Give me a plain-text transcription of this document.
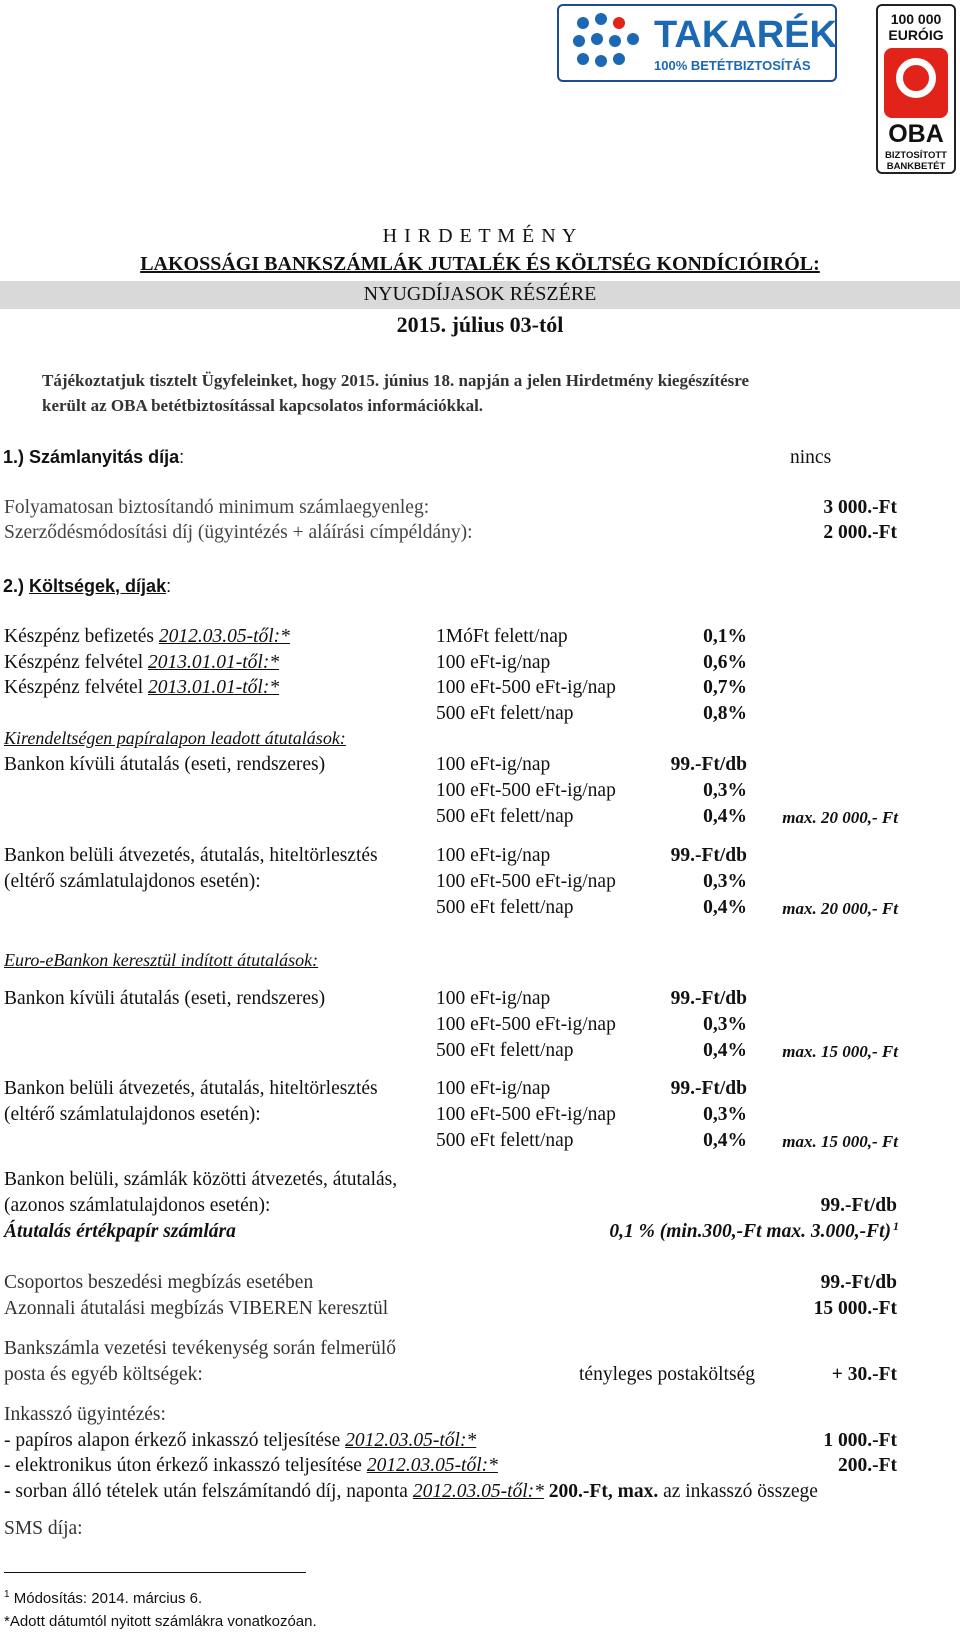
TAKARÉK
100% BETÉTBIZTOSÍTÁS
100 000
EURÓIG
OBA
BIZTOSÍTOTT
BANKBETÉT
H I R D E T M É N Y
LAKOSSÁGI BANKSZÁMLÁK JUTALÉK ÉS KÖLTSÉG KONDÍCIÓIRÓL:
NYUGDÍJASOK RÉSZÉRE
2015. július 03-tól
Tájékoztatjuk tisztelt Ügyfeleinket, hogy 2015. június 18. napján a jelen Hirdetmény kiegészítésre
került az OBA betétbiztosítással kapcsolatos információkkal.
1.) Számlanyitás díja:	nincs
Folyamatosan biztosítandó minimum számlaegyenleg:	3 000.-Ft
Szerződésmódosítási díj (ügyintézés + aláírási címpéldány):	2 000.-Ft
2.) Költségek, díjak:
Készpénz befizetés 2012.03.05-től:*	1MóFt felett/nap	0,1%
Készpénz felvétel 2013.01.01-től:*	100 eFt-ig/nap	0,6%
Készpénz felvétel 2013.01.01-től:*	100 eFt-500 eFt-ig/nap	0,7%
500 eFt felett/nap	0,8%
Kirendeltségen papíralapon leadott átutalások:
Bankon kívüli átutalás (eseti, rendszeres)	100 eFt-ig/nap	99.-Ft/db
100 eFt-500 eFt-ig/nap	0,3%
500 eFt felett/nap	0,4%	max. 20 000,- Ft
Bankon belüli átvezetés, átutalás, hiteltörlesztés
(eltérő számlatulajdonos esetén):
100 eFt-ig/nap	99.-Ft/db
100 eFt-500 eFt-ig/nap	0,3%
500 eFt felett/nap	0,4%	max. 20 000,- Ft
Euro-eBankon keresztül indított átutalások:
Bankon kívüli átutalás (eseti, rendszeres)	100 eFt-ig/nap	99.-Ft/db
100 eFt-500 eFt-ig/nap	0,3%
500 eFt felett/nap	0,4%	max. 15 000,- Ft
Bankon belüli átvezetés, átutalás, hiteltörlesztés
(eltérő számlatulajdonos esetén):
100 eFt-ig/nap	99.-Ft/db
100 eFt-500 eFt-ig/nap	0,3%
500 eFt felett/nap	0,4%	max. 15 000,- Ft
Bankon belüli, számlák közötti átvezetés, átutalás,
(azonos számlatulajdonos esetén):	99.-Ft/db
Átutalás értékpapír számlára	0,1 % (min.300,-Ft max. 3.000,-Ft) 1
Csoportos beszedési megbízás esetében	99.-Ft/db
Azonnali átutalási megbízás VIBEREN keresztül	15 000.-Ft
Bankszámla vezetési tevékenység során felmerülő
posta és egyéb költségek:	tényleges postaköltség	+ 30.-Ft
Inkasszó ügyintézés:
- papíros alapon érkező inkasszó teljesítése 2012.03.05-től:*	1 000.-Ft
- elektronikus úton érkező inkasszó teljesítése 2012.03.05-től:*	200.-Ft
- sorban álló tételek után felszámítandó díj, naponta 2012.03.05-től:* 200.-Ft, max. az inkasszó összege
SMS díja:
$^1$ Módosítás: 2014. március 6.
*Adott dátumtól nyitott számlákra vonatkozóan.
